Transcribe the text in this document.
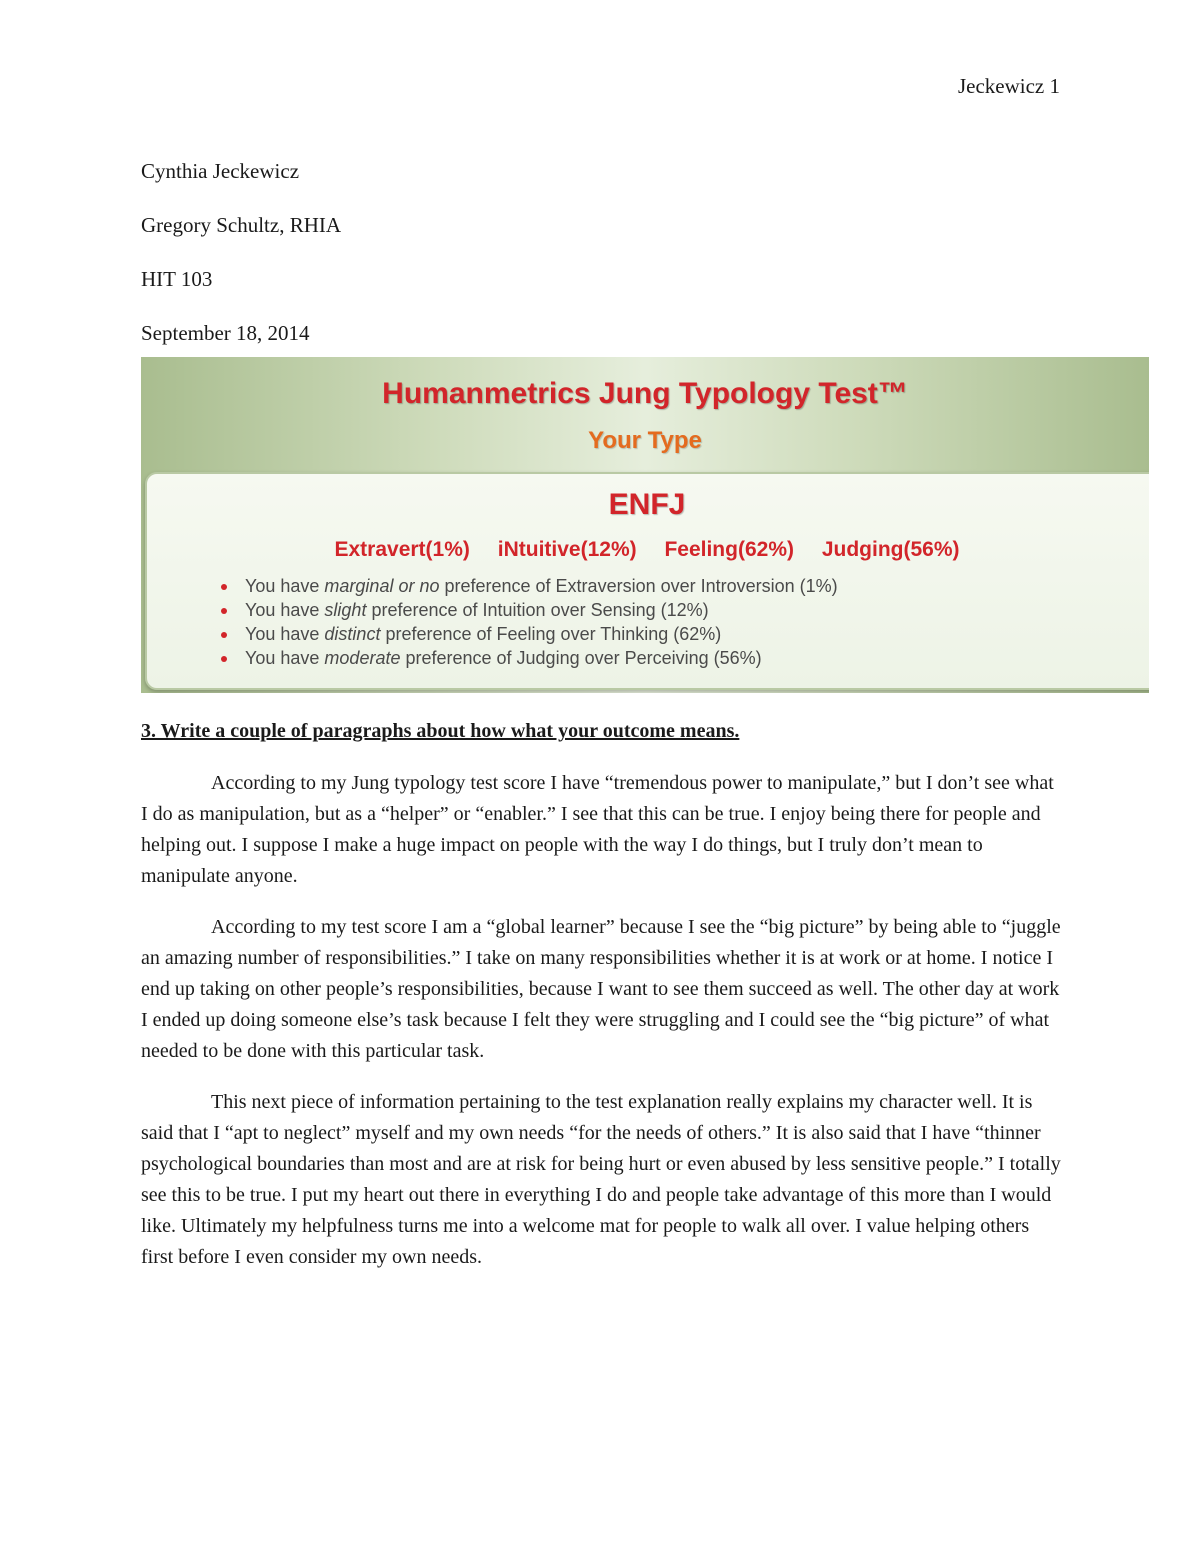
Jeckewicz 1
Cynthia Jeckewicz
Gregory Schultz, RHIA
HIT 103
September 18, 2014
Humanmetrics Jung Typology Test™
Your Type
ENFJ
Extravert(1%) iNtuitive(12%) Feeling(62%) Judging(56%)
You have marginal or no preference of Extraversion over Introversion (1%)
You have slight preference of Intuition over Sensing (12%)
You have distinct preference of Feeling over Thinking (62%)
You have moderate preference of Judging over Perceiving (56%)
3. Write a couple of paragraphs about how what your outcome means.

According to my Jung typology test score I have “tremendous power to manipulate,” but I don’t see what I do as manipulation, but as a “helper” or “enabler.” I see that this can be true. I enjoy being there for people and helping out. I suppose I make a huge impact on people with the way I do things, but I truly don’t mean to manipulate anyone.

According to my test score I am a “global learner” because I see the “big picture” by being able to “juggle an amazing number of responsibilities.” I take on many responsibilities whether it is at work or at home. I notice I end up taking on other people’s responsibilities, because I want to see them succeed as well. The other day at work I ended up doing someone else’s task because I felt they were struggling and I could see the “big picture” of what needed to be done with this particular task.

This next piece of information pertaining to the test explanation really explains my character well. It is said that I “apt to neglect” myself and my own needs “for the needs of others.” It is also said that I have “thinner psychological boundaries than most and are at risk for being hurt or even abused by less sensitive people.” I totally see this to be true. I put my heart out there in everything I do and people take advantage of this more than I would like. Ultimately my helpfulness turns me into a welcome mat for people to walk all over. I value helping others first before I even consider my own needs.
